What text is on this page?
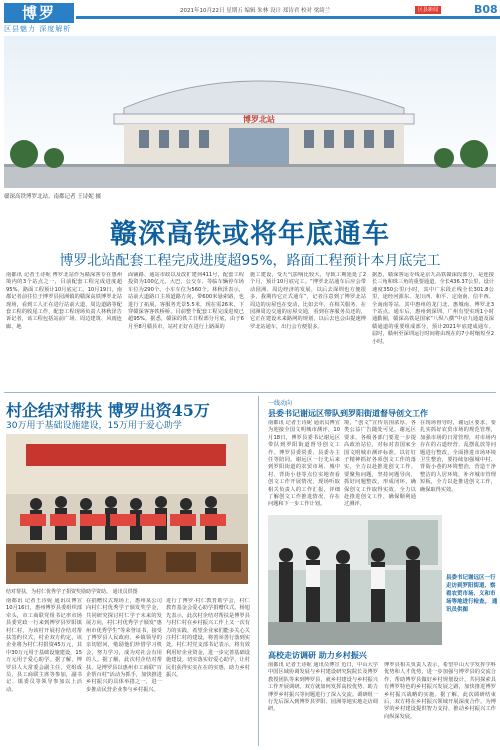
博罗
区县魅力 深度解析
2021年10月22日 星期五 编辑 朱林 设计 郑诗君 校对 梁绮兰	区县新闻	B08
博罗北站
赣深高铁博罗北站。南都记者 王诗妮 摄
赣深高铁或将年底通车
博罗北站配套工程完成进度超95%，路面工程预计本月底完工
南都讯 记者王诗妮 博罗北站作为赣深客专在惠州境内的3个站点之一，目前配套工程完成进度超95%，路面工程预计10月底完工。10月19日，南都记者前往位于博罗县园洲镇的赣深高铁博罗北站现场，看到工人正在进行站前大道、周边道路等配套工程的收尾工作，配套工程现场负责人林秋泽告诉记者，该工程包括站前广场、周边建筑、风雨连廊、地
面铺路、通站市政以及改扩建何411号，配套工程投资为100亿元，大巴、公交车、等临车辆停车场车位为290个，小车车位为560个。林秋泽表示，站前大道路口主项道路方向，带600米悬索路，也进行了拓展，客服务光景5.5米，现在需26米，下穿赣深客客铁桥桥。目前整个配套工程完成进度已超95%。据悉，赣深的铁工日程部分月底，由于6月至8月赣县市，站衬正好在进行上路面的
施工建设，受天气影响比较大，导致工期延延了2个月，预计10月底完工。“博罗北站通车后应会带动园洲、周边经济的发展，以后去深圳也方便很多，我期待它正式通车”，记者注意到了博罗北站周边的房屋也在变动，比如去年，在相关服务、在园洲周边交通的房屋交通，看到在客服务员还的，它正在建设未来路网的规划，以后去也会由提速博罗北站通车，出行会方便很多。
据悉，赣深客运专线是京九高铁赣深段部分，是连接长三角和珠三角的重要通道，全长436.37公里，设计速度350公里/小时，其中广东段正线全长301.8公里，途经河源东、龙川西、和平、定南南、信丰西、全南南等站，其中惠州的龙门北、惠城南、博罗北3个站点。通车后，惠州到深圳、广州有望实现1小时通勤圈，赣深高铁是国家“八纵八横”中京九通道及深赣通道的重要组成部分，预计2021年底建成通车。届时，赣州至深圳运行时间将由现在的7小时缩短至2小时。
村企结对帮扶 博罗出资45万
30万用于基础设施建设，15万用于爱心助学
结对帮扶，为村仁优秀学子捐资奖励助学资助。 通讯员供图
南都讯 记者王诗妮 通讯员博宣 10月16日，惠州博罗县委组织部牵头，市工商联党组书记率市场县委党政一行来到博罗县罗阳镇村仁村，为该村开展村企结对帮扶签约仪式，村企双方约定，该企业将为村仁村捐资45万元，其中30万元用于基础设施建设，15万元用于爱心助学。据了解，博罗县人大常委会副主任、党组成员、县工商联主席等参加，副书记、镇委员等领导参加以上活动。
在捐赠仪式现场上，惠州某公司向村仁村优秀学子颁发奖学金，共同研究探讨村仁学子未来的发展方向，村仁村优秀学子颁发“惠州市优秀学生”等荣誉证书，接受了博罗县人民政府、乡镇领导的亲切慰问，勉励他们珍惜学习机会，努力学习，成为对社会有用的人。据了解，此次村企结对帮扶，是博罗县以惠州市工商联“百企帮百村”活动为抓手，加快推进乡村振兴的具体举措之一，进一步推动民营企业参与乡村振兴。
进行了博罗·村仁教育助学会，村仁教育基金会爱心助学捐赠仪式。杨旭先表示，此次村企结对帮扶是博罗县与村仁村在乡村振兴工作上又一次有力的实践，希望企业家们能多关心关注村仁村的建设，将善举善行落到实处。村仁村党支部书记表示，将有效利用好企业资金，进一步完善基础设施建设，切实落实好爱心助学，让村民们获得实实在在的实惠，助力乡村振兴。
一线动向
县委书记谢远区带队到罗阳街道督导创文工作
南都讯 记者王诗妮 通讯员博宣 为迎接全国文明城市测评，10月18日，博罗县委书记谢远区带队到罗阳街道督导创文工作。博罗县委常委、县委办主任等陪同。谢远区一行先后来到罗阳街道的农贸市场、城中村、背街小巷等点位实地查看创文工作开展情况，现场听取相关负责人的工作汇报，详细了解创文工作推进情况、存在问题和下一步工作计划。
境，“创文”宣传氛围浓厚，各类公益广告随处可见。谢远区要求，各级各部门要进一步提高政治站位，对标对表国家全国文明城市测评标准，以钉钉子精神抓好各项创文工作的落实，全力以赴推进创文工作。要聚焦问题，坚持问题导向，抓好问题整改，形成闭环，确保创文工作取得实效，全力以赴推进创文工作，确保顺利通过测评。
在现场督导时，谢远区要求，要扎实抓好农贸市场的规范管理，加强市场的日常管理，对市场内存在的占道经营、乱摆乱放等问题进行整改，全面推进市场环境卫生整治，要持续加强城中村、背街小巷的环境整治，营造干净整洁的人居环境，补齐城市管理短板，全力以赴推进创文工作，确保取得实效。
县委书记谢远区一行走访到罗阳街道、察看农贸市场、义和市场等地进行检查。 通讯员供图
高校走访调研 助力乡村振兴
南都讯 记者王诗妮 通讯员博宣 近日，中山大学中国区域协调发展与乡村建设研究院院长及博罗教授团队等来到博罗县，就乡村建设与乡村振兴工作开展调研。双方就如何发挥高校优势、助力博罗乡村振兴等问题进行了深入交流。调研组一行先后深入到博罗县罗阳、园洲等地实地走访调研。
博罗县相关负责人表示，希望中山大学发挥学科优势和人才优势，进一步加强与博罗县的交流合作，帮助博罗县做好乡村规划设计，共同探索具有博罗特色的乡村振兴发展之路，加快推进博罗乡村振兴战略的实施。据了解，此次调研结束后，双方将在乡村振兴领域开展深度合作。为博罗的乡村建设提供智力支持，推动乡村振兴工作向纵深发展。
